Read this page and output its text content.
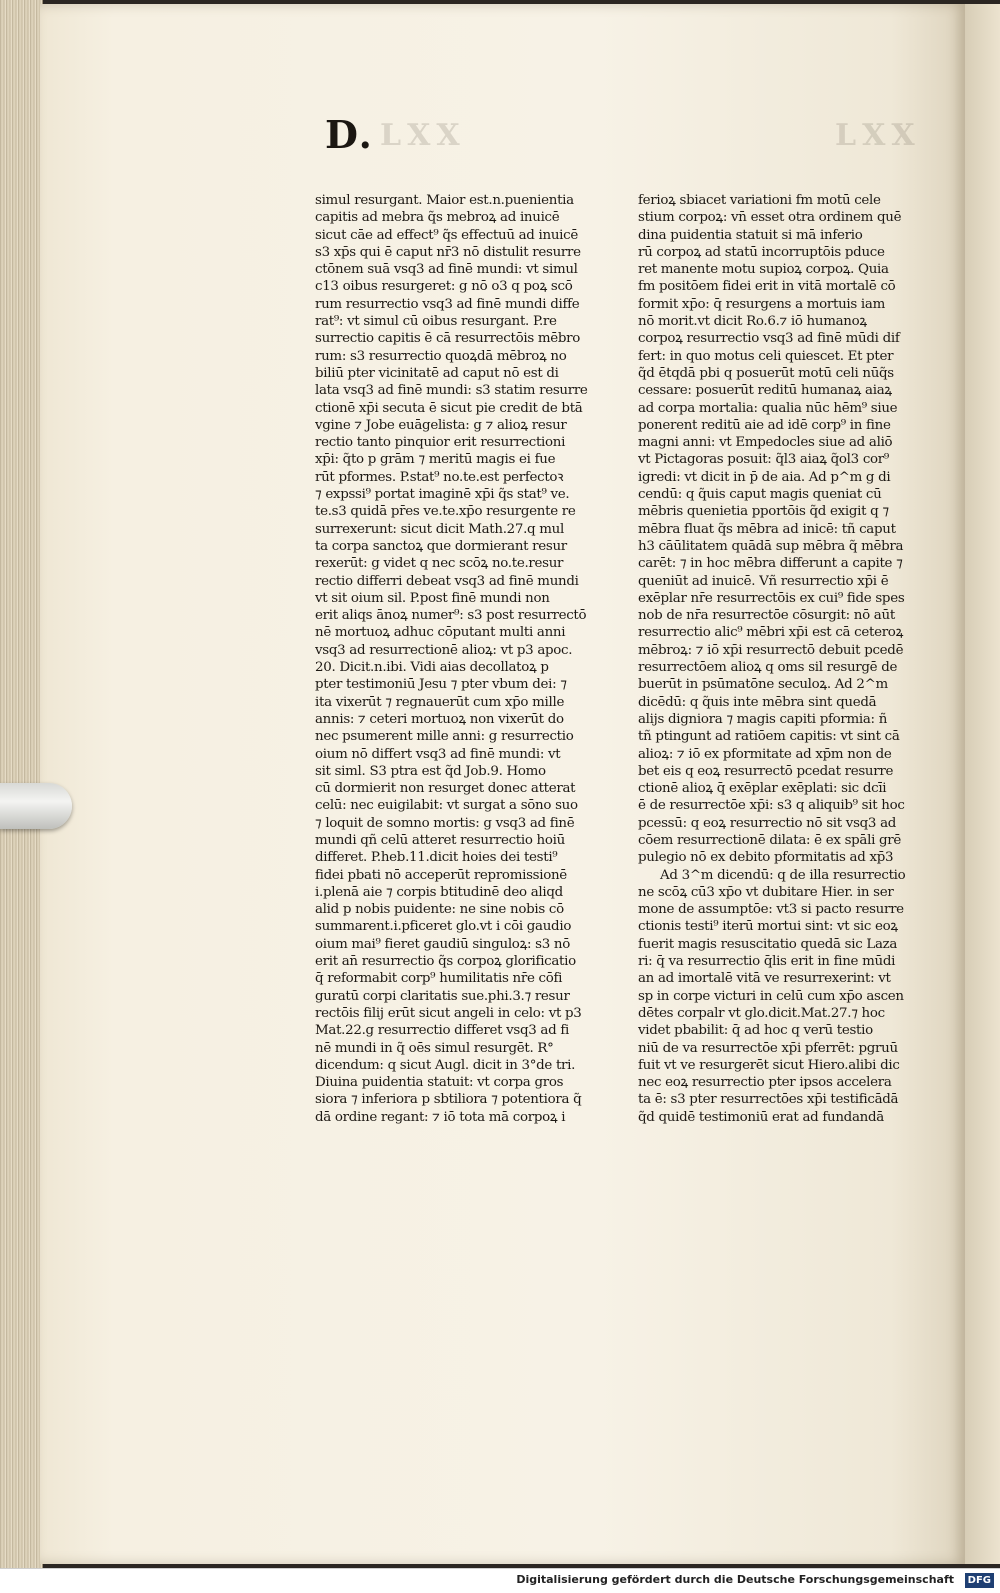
D. LXX	LXX
simul resurgant. Maior est.n.puenientia
capitis ad mebra q̃s mebroꝝ ad inuicē
sicut cāe ad effect⁹ q̃s effectuū ad inuicē
s3 xp̄s qui ē caput nr̄3 nō distulit resurre
ctōnem suā vsq3 ad finē mundi: vt simul
c13 oibus resurgeret: g nō o3 q poꝝ scō
rum resurrectio vsq3 ad finē mundi diffe
rat⁹: vt simul cū oibus resurgant. P.re
surrectio capitis ē cā resurrectōis mēbro
rum: s3 resurrectio quoꝝdā mēbroꝝ no
biliū pter vicinitatē ad caput nō est di
lata vsq3 ad finē mundi: s3 statim resurre
ctionē xp̄i secuta ē sicut pie credit̄ de btā
vgine ⁊ Jobe euāgelista: g ⁊ alioꝝ resur
rectio tanto pinquior erit resurrectioni
xp̄i: q̃to p grām ⁊ meritū magis ei fue
rūt pformes. P.stat⁹ no.te.est perfectoꝛ
⁊ expssi⁹ portat imaginē xp̄i q̃s stat⁹ ve.
te.s3 quidā pr̄es ve.te.xp̄o resurgente re
surrexerunt: sicut dicit Math.27.q mul
ta corpa sanctoꝝ que dormierant resur
rexerūt: g videt̄ q nec scōꝝ no.te.resur
rectio differri debeat vsq3 ad finē mundi
vt sit oium sil. P.post finē mundi non
erit aliqs ānoꝝ numer⁹: s3 post resurrectō
nē mortuoꝝ adhuc cōputant multi anni
vsq3 ad resurrectionē alioꝝ: vt p3 apoc.
20. Dicit.n.ibi. Vidi aias decollatoꝝ p
pter testimoniū Jesu ⁊ pter vbum dei: ⁊
ita vixerūt ⁊ regnauerūt cum xp̄o mille
annis: ⁊ ceteri mortuoꝝ non vixerūt do
nec psumerent mille anni: g resurrectio
oium nō differt̄ vsq3 ad finē mundi: vt
sit siml. S3 ptra est q̃d Job.9. Homo
cū dormierit non resurget donec atterat̄
celū: nec euigilabit: vt surgat a sōno suo
⁊ loquit̄ de somno mortis: g vsq3 ad finē
mundi qñ celū atteret̄ resurrectio hoiū
differet̄. P.heb.11.dicit̄ hoies dei testi⁹
fidei pbati nō acceperūt repromissionē
i.plenā aie ⁊ corpis btitudinē deo aliqd
alid p nobis puidente: ne sine nobis cō
summarent̄.i.pficeret̄ glo.vt i cōi gaudio
oium mai⁹ fieret gaudiū singuloꝝ: s3 nō
erit an̄ resurrectio q̃s corpoꝝ glorificatio
q̄ reformabit corp⁹ humilitatis nr̄e cōfi
guratū corpi claritatis sue.phi.3.⁊ resur
rectōis filij erūt sicut angeli in celo: vt p3
Mat.22.g resurrectio differet̄ vsq3 ad fi
nē mundi in q̃ oēs simul resurgēt. R°
dicendum: q sicut Augl. dicit in 3°de tri.
Diuina puidentia statuit: vt corpa gros
siora ⁊ inferiora p sbtiliora ⁊ potentiora q̃
dā ordine regant̄: ⁊ iō tota mā corpoꝝ i
ferioꝝ sbiacet variationi fm motū cele
stium corpoꝝ: vn̄ esset otra ordinem quē
dina puidentia statuit si mā inferio
rū corpoꝝ ad statū incorruptōis pduce
ret̄ manente motu supioꝝ corpoꝝ. Quia
fm positōem fidei erit in vitā mortalē cō
formit̄ xp̄o: q̄ resurgens a mortuis iam
nō morit̄.vt dicit̄ Ro.6.⁊ iō humanoꝝ
corpoꝝ resurrectio vsq3 ad finē mūdi dif
fert̄: in quo motus celi quiescet. Et pter
q̃d ētqdā pbi q posuerūt motū celi nūq̃s
cessare: posuerūt reditū humanaꝝ aiaꝝ
ad corpa mortalia: qualia nūc hēm⁹ siue
ponerent reditū aie ad idē corp⁹ in fine
magni anni: vt Empedocles siue ad aliō
vt Pictagoras posuit: q̃l3 aiaꝝ q̃ol3 cor⁹
igredi: vt dicit̄ in p̄ de aia. Ad p^m g di
cendū: q q̃uis caput magis queniat cū
mēbris quenietia pportōis q̃d exigit̄ q ⁊
mēbra fluat q̃s mēbra ad inicē: tñ caput
h3 cāūlitatem quādā sup mēbra q̃ mēbra
carēt: ⁊ in hoc mēbra differunt a capite ⁊
queniūt ad inuicē. Vñ resurrectio xp̄i ē
exēplar nr̄e resurrectōis ex cui⁹ fide spes
nob de nr̄a resurrectōe cōsurgit: nō aūt
resurrectio alic⁹ mēbri xp̄i est cā ceteroꝝ
mēbroꝝ: ⁊ iō xp̄i resurrectō debuit pcedē
resurrectōem alioꝝ q oms sil resurgē de
buerūt in psūmatōne seculoꝝ. Ad 2^m
dicēdū: q q̃uis inte mēbra sint quedā
alijs digniora ⁊ magis capiti pformia: ñ
tñ ptingunt ad ratiōem capitis: vt sint cā
alioꝝ: ⁊ iō ex pformitate ad xp̄m non de
bet̄ eis q eoꝝ resurrectō pcedat resurre
ctionē alioꝝ q̄ exēplar exēplati: sic dcīi
ē de resurrectōe xp̄i: s3 q aliquib⁹ sit hoc
pcessū: q eoꝝ resurrectio nō sit vsq3 ad
cōem resurrectionē dilata: ē ex spāli grē
pulegio nō ex debito pformitatis ad xp̄3
Ad 3^m dicendū: q de illa resurrectio
ne scōꝝ cū3 xp̄o vt dubitare Hier. in ser
mone de assumptōe: vt3 si pacto resurre
ctionis testi⁹ iterū mortui sint: vt sic eoꝝ
fuerit magis resuscitatio quedā sic Laza
ri: q̄ va resurrectio q̄lis erit in fine mūdi
an ad imortalē vitā ve resurrexerint: vt
sp in corpe victuri in celū cum xp̄o ascen
dētes corpal̄r vt glo.dicit.Mat.27.⁊ hoc
videt̄ pbabilit̄: q̄ ad hoc q verū testio
niū de va resurrectōe xp̄i pferrēt: pgruū
fuit vt ve resurgerēt sicut Hiero.alibi dic
nec eoꝝ resurrectio pter ipsos accelera
ta ē: s3 pter resurrectōes xp̄i testificādā
q̃d quidē testimoniū erat ad fundandā
Digitalisierung gefördert durch die Deutsche Forschungsgemeinschaft	DFG
